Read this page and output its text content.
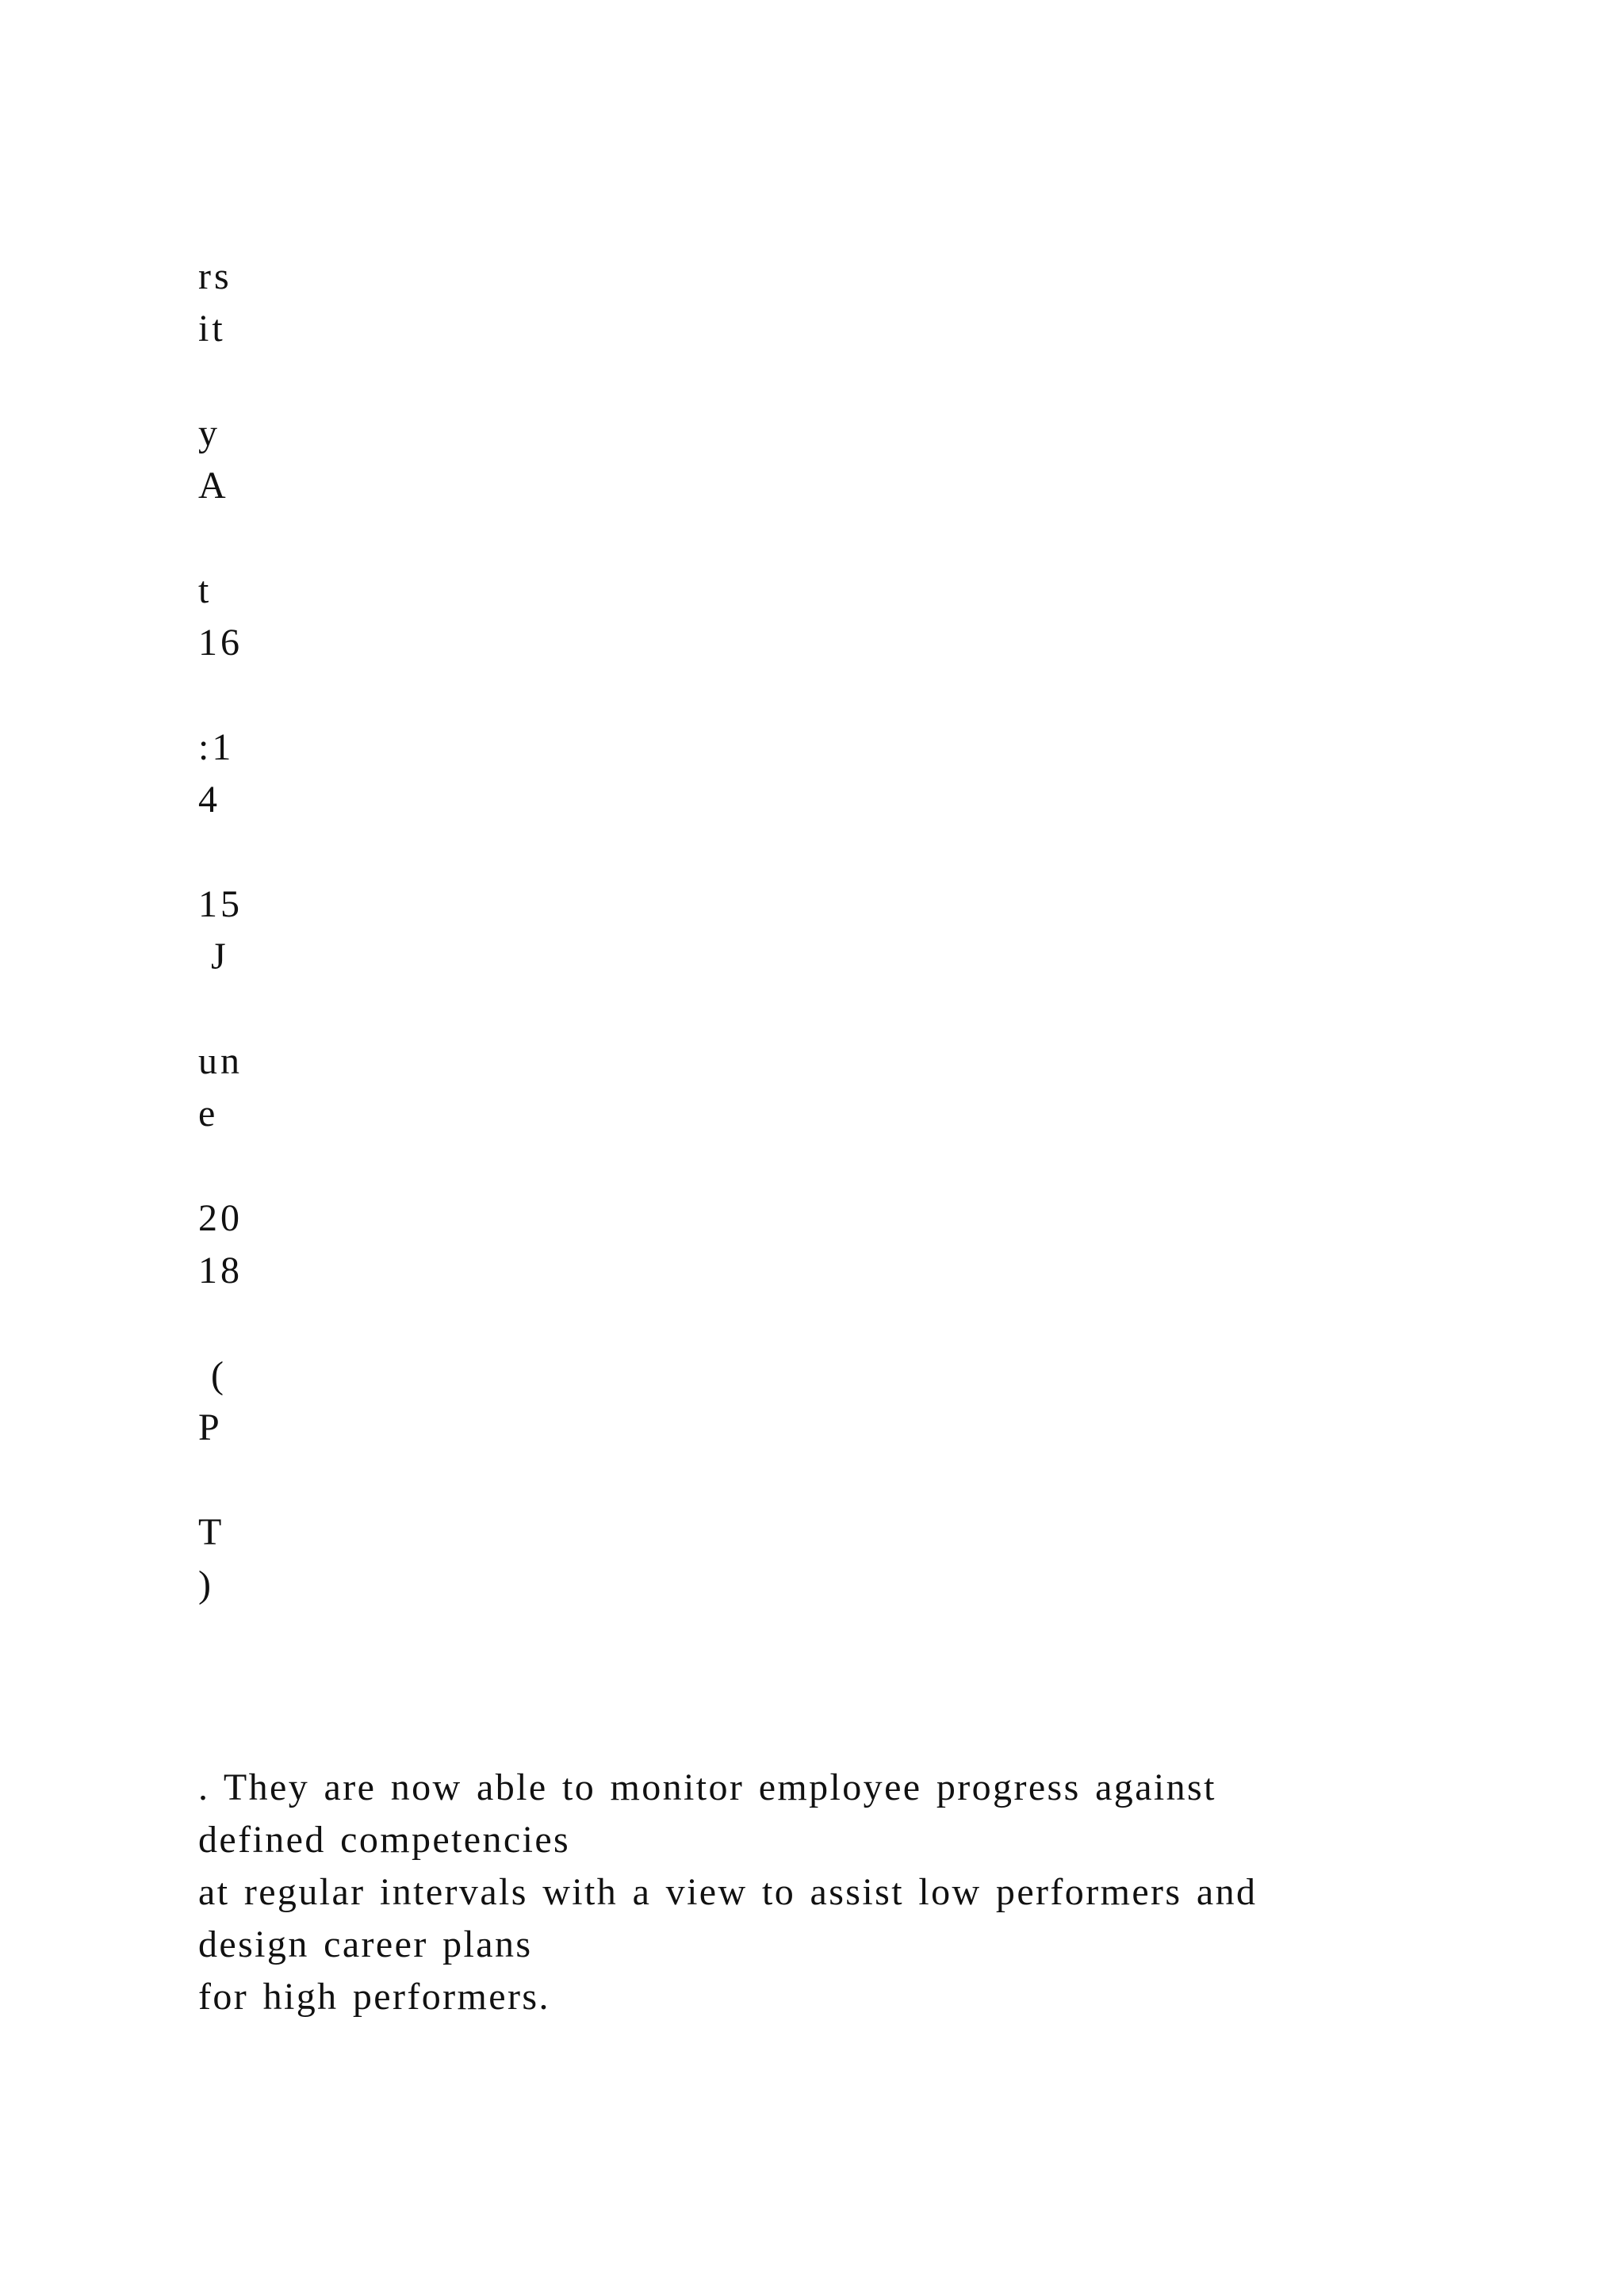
rs
it
y
A
t
16
:1
4
15
J
un
e
20
18
(
P
T
)
. They are now able to monitor employee progress against
defined competencies
at regular intervals with a view to assist low performers and
design career plans
for high performers.
